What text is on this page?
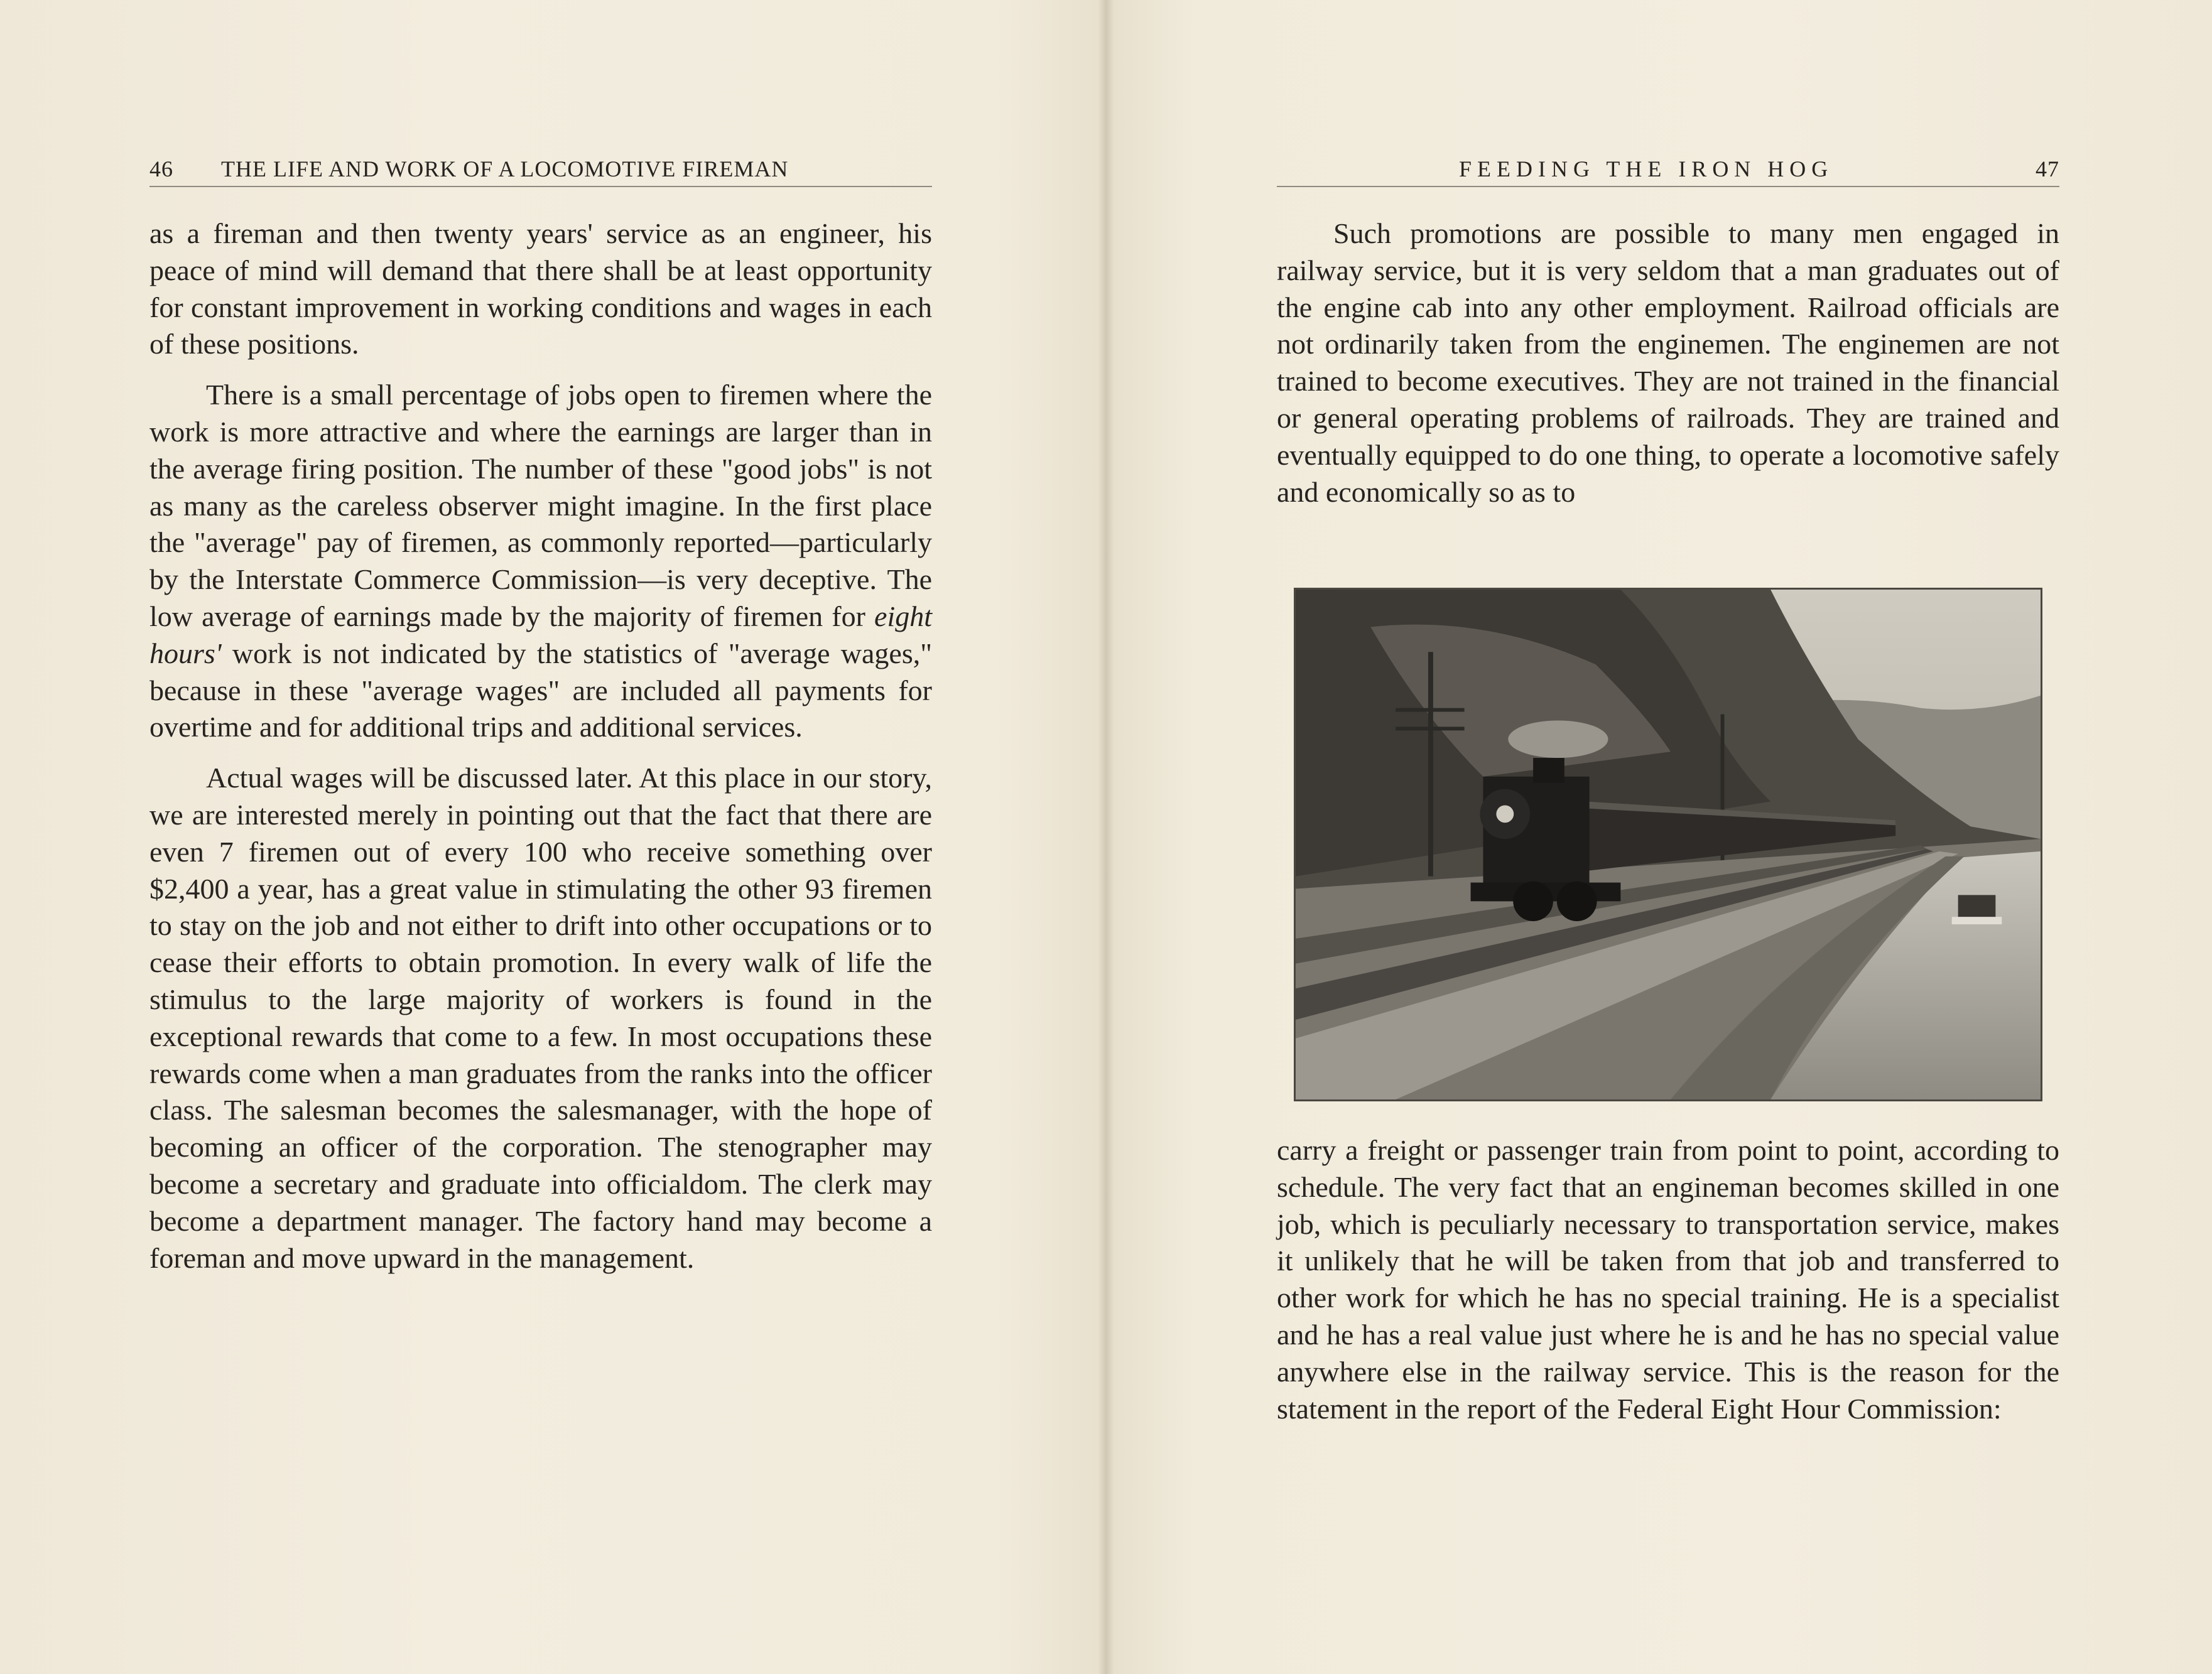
46 THE LIFE AND WORK OF A LOCOMOTIVE FIREMAN

as a fireman and then twenty years' service as an engineer, his peace of mind will demand that there shall be at least opportunity for constant improvement in working conditions and wages in each of these positions.

There is a small percentage of jobs open to firemen where the work is more attractive and where the earnings are larger than in the average firing position. The number of these "good jobs" is not as many as the careless observer might imagine. In the first place the "average" pay of firemen, as commonly reported—particularly by the Interstate Commerce Commission—is very deceptive. The low average of earnings made by the majority of firemen for eight hours' work is not indicated by the statistics of "average wages," because in these "average wages" are included all payments for overtime and for additional trips and additional services.

Actual wages will be discussed later. At this place in our story, we are interested merely in pointing out that the fact that there are even 7 firemen out of every 100 who receive something over $2,400 a year, has a great value in stimulating the other 93 firemen to stay on the job and not either to drift into other occupations or to cease their efforts to obtain promotion. In every walk of life the stimulus to the large majority of workers is found in the exceptional rewards that come to a few. In most occupations these rewards come when a man graduates from the ranks into the officer class. The salesman becomes the salesmanager, with the hope of becoming an officer of the corporation. The stenographer may become a secretary and graduate into officialdom. The clerk may become a department manager. The factory hand may become a foreman and move upward in the management.

FEEDING THE IRON HOG	47

Such promotions are possible to many men engaged in railway service, but it is very seldom that a man graduates out of the engine cab into any other employment. Railroad officials are not ordinarily taken from the enginemen. The enginemen are not trained to become executives. They are not trained in the financial or general operating problems of railroads. They are trained and eventually equipped to do one thing, to operate a locomotive safely and economically so as to

carry a freight or passenger train from point to point, according to schedule. The very fact that an engineman becomes skilled in one job, which is peculiarly necessary to transportation service, makes it unlikely that he will be taken from that job and transferred to other work for which he has no special training. He is a specialist and he has a real value just where he is and he has no special value anywhere else in the railway service. This is the reason for the statement in the report of the Federal Eight Hour Commission:
